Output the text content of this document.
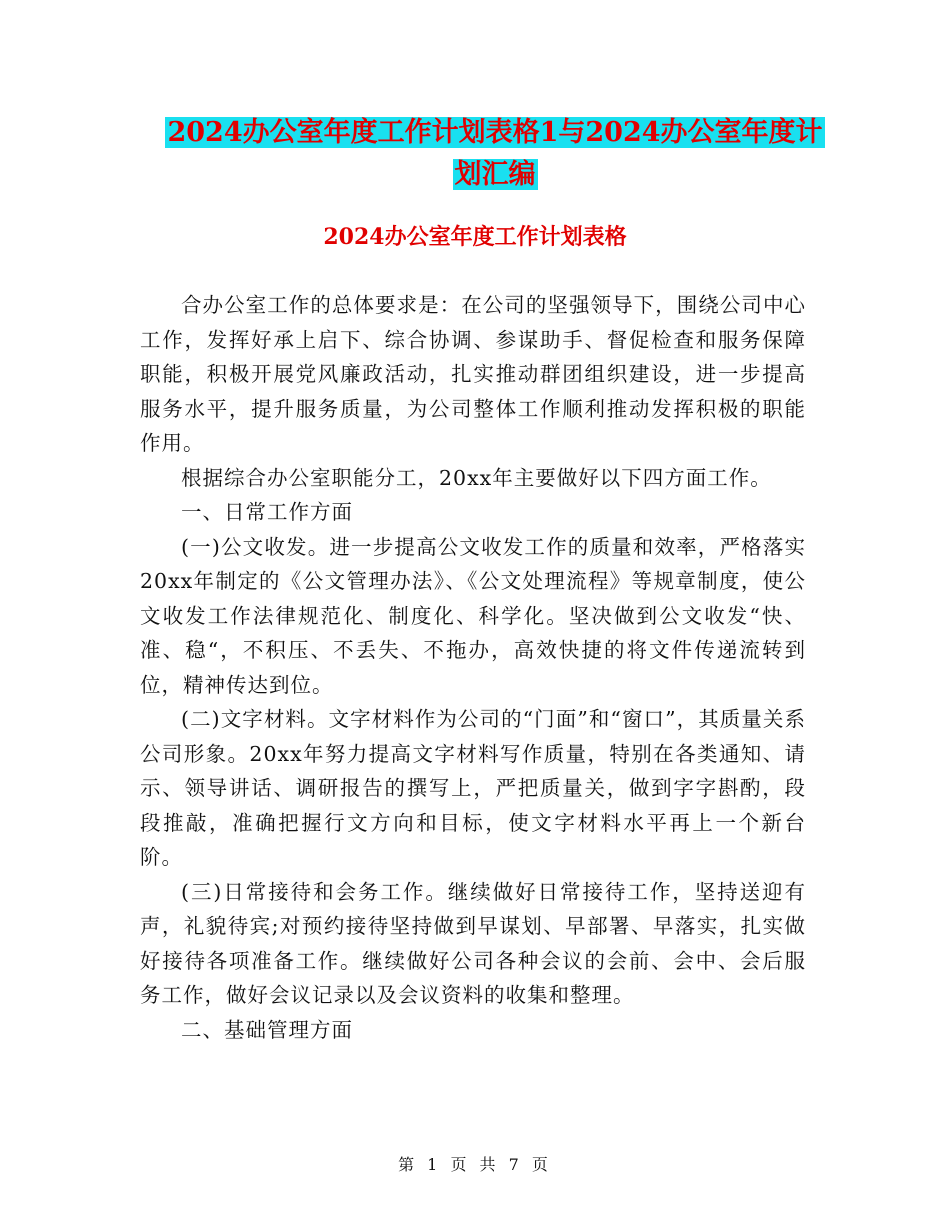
2024办公室年度工作计划表格1与2024办公室年度计
划汇编
2024办公室年度工作计划表格

合办公室工作的总体要求是：在公司的坚强领导下，围绕公司中心工作，发挥好承上启下、综合协调、参谋助手、督促检查和服务保障职能，积极开展党风廉政活动，扎实推动群团组织建设，进一步提高服务水平，提升服务质量，为公司整体工作顺利推动发挥积极的职能作用。

根据综合办公室职能分工，20xx年主要做好以下四方面工作。

一、日常工作方面

(一)公文收发。进一步提高公文收发工作的质量和效率，严格落实20xx年制定的《公文管理办法》、《公文处理流程》等规章制度，使公文收发工作法律规范化、制度化、科学化。坚决做到公文收发“快、准、稳“，不积压、不丢失、不拖办，高效快捷的将文件传递流转到位，精神传达到位。

(二)文字材料。文字材料作为公司的“门面”和“窗口”，其质量关系公司形象。20xx年努力提高文字材料写作质量，特别在各类通知、请示、领导讲话、调研报告的撰写上，严把质量关，做到字字斟酌，段段推敲，准确把握行文方向和目标，使文字材料水平再上一个新台阶。

(三)日常接待和会务工作。继续做好日常接待工作，坚持送迎有声，礼貌待宾;对预约接待坚持做到早谋划、早部署、早落实，扎实做好接待各项准备工作。继续做好公司各种会议的会前、会中、会后服务工作，做好会议记录以及会议资料的收集和整理。

二、基础管理方面

第 1 页 共 7 页
